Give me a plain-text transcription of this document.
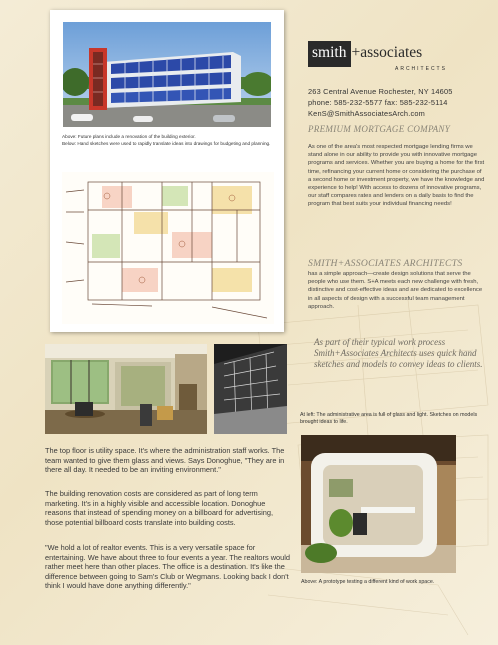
Above: Future plans include a renovation of the building exterior.
Below: Hand sketches were used to rapidly translate ideas into drawings for budgeting and planning.
smith +associates
ARCHITECTS
263 Central Avenue Rochester, NY 14605
phone: 585-232-5577 fax: 585-232-5114
KenS@SmithAssociatesArch.com
PREMIUM MORTGAGE COMPANY
As one of the area's most respected mortgage lending firms we stand alone in our ability to provide you with innovative mortgage programs and services. Whether you are buying a home for the first time, refinancing your current home or considering the purchase of a second home or investment property, we have the knowledge and experience to help! With access to dozens of innovative programs, our staff compares rates and lenders on a daily basis to find the program that best suits your individual financing needs!
SMITH+ASSOCIATES ARCHITECTS
has a simple approach—create design solutions that serve the people who use them. S+A meets each new challenge with fresh, distinctive and cost-effective ideas and are dedicated to excellence in all aspects of design with a successful team management approach.
As part of their typical work process Smith+Associates Architects uses quick hand sketches and models to convey ideas to clients.
At left: The administrative area is full of glass and light. Sketches on models brought ideas to life.
Above: A prototype testing a different kind of work space.

The top floor is utility space. It's where the administration staff works. The team wanted to give them glass and views. Says Donoghue, "They are in there all day. It needed to be an inviting environment."

The building renovation costs are considered as part of long term marketing. It's in a highly visible and accessible location. Donoghue reasons that instead of spending money on a billboard for advertising, those potential billboard costs translate into building costs.

"We hold a lot of realtor events. This is a very versatile space for entertaining. We have about three to four events a year. The realtors would rather meet here than other places. The office is a destination. It's like the difference between going to Sam's Club or Wegmans. Looking back I don't think I would have done anything differently."
